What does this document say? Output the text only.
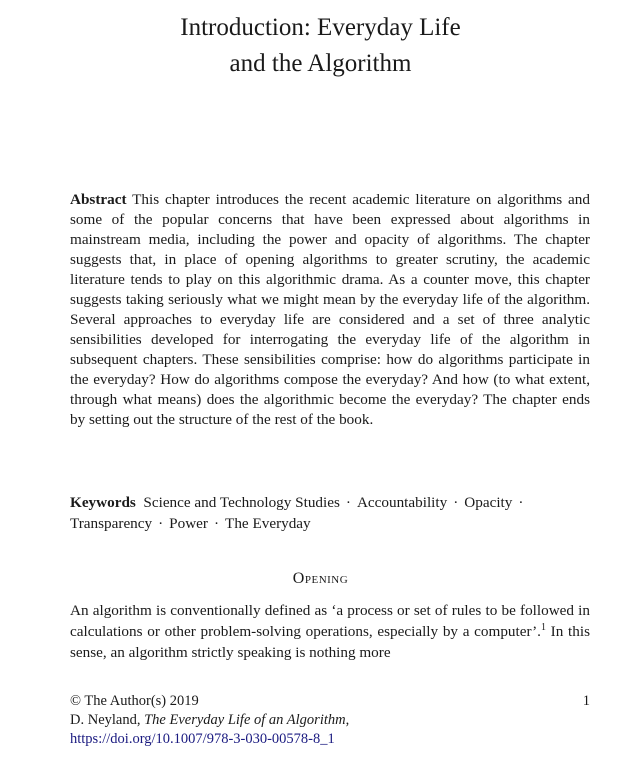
Introduction: Everyday Life
and the Algorithm
Abstract This chapter introduces the recent academic literature on algorithms and some of the popular concerns that have been expressed about algorithms in mainstream media, including the power and opacity of algorithms. The chapter suggests that, in place of opening algorithms to greater scrutiny, the academic literature tends to play on this algorithmic drama. As a counter move, this chapter suggests taking seriously what we might mean by the everyday life of the algorithm. Several approaches to everyday life are considered and a set of three analytic sensibilities developed for interrogating the everyday life of the algorithm in subsequent chapters. These sensibilities comprise: how do algorithms participate in the everyday? How do algorithms compose the everyday? And how (to what extent, through what means) does the algorithmic become the everyday? The chapter ends by setting out the structure of the rest of the book.
Keywords Science and Technology Studies · Accountability · Opacity ·
Transparency · Power · The Everyday
Opening
An algorithm is conventionally defined as ‘a process or set of rules to be followed in calculations or other problem-solving operations, especially by a computer’.$^1$ In this sense, an algorithm strictly speaking is nothing more
© The Author(s) 2019
D. Neyland, The Everyday Life of an Algorithm,
https://doi.org/10.1007/978-3-030-00578-8_1
1
